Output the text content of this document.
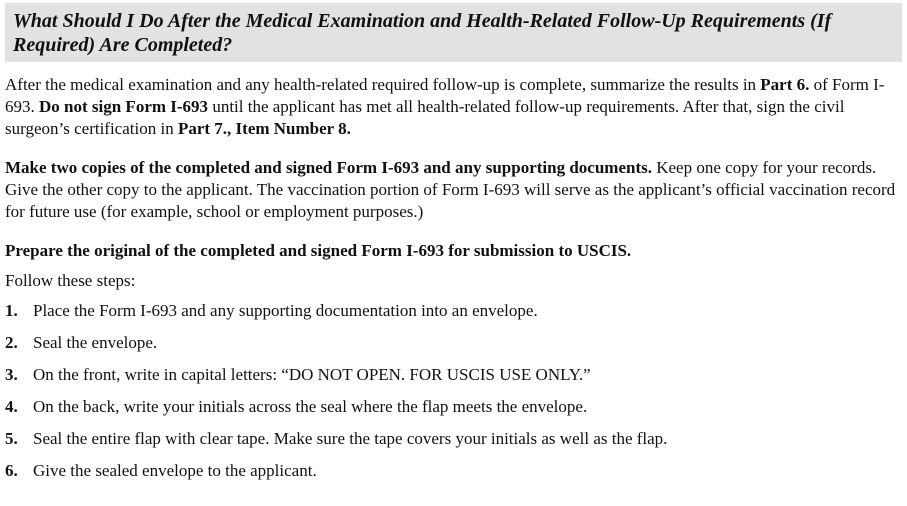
What Should I Do After the Medical Examination and Health-Related Follow-Up Requirements (If Required) Are Completed?

After the medical examination and any health-related required follow-up is complete, summarize the results in Part 6. of Form I-693. Do not sign Form I-693 until the applicant has met all health-related follow-up requirements. After that, sign the civil surgeon’s certification in Part 7., Item Number 8.

Make two copies of the completed and signed Form I-693 and any supporting documents. Keep one copy for your records. Give the other copy to the applicant. The vaccination portion of Form I-693 will serve as the applicant’s official vaccination record for future use (for example, school or employment purposes.)

Prepare the original of the completed and signed Form I-693 for submission to USCIS.

Follow these steps:

1. Place the Form I-693 and any supporting documentation into an envelope.
2. Seal the envelope.
3. On the front, write in capital letters: “DO NOT OPEN. FOR USCIS USE ONLY.”
4. On the back, write your initials across the seal where the flap meets the envelope.
5. Seal the entire flap with clear tape. Make sure the tape covers your initials as well as the flap.
6. Give the sealed envelope to the applicant.
